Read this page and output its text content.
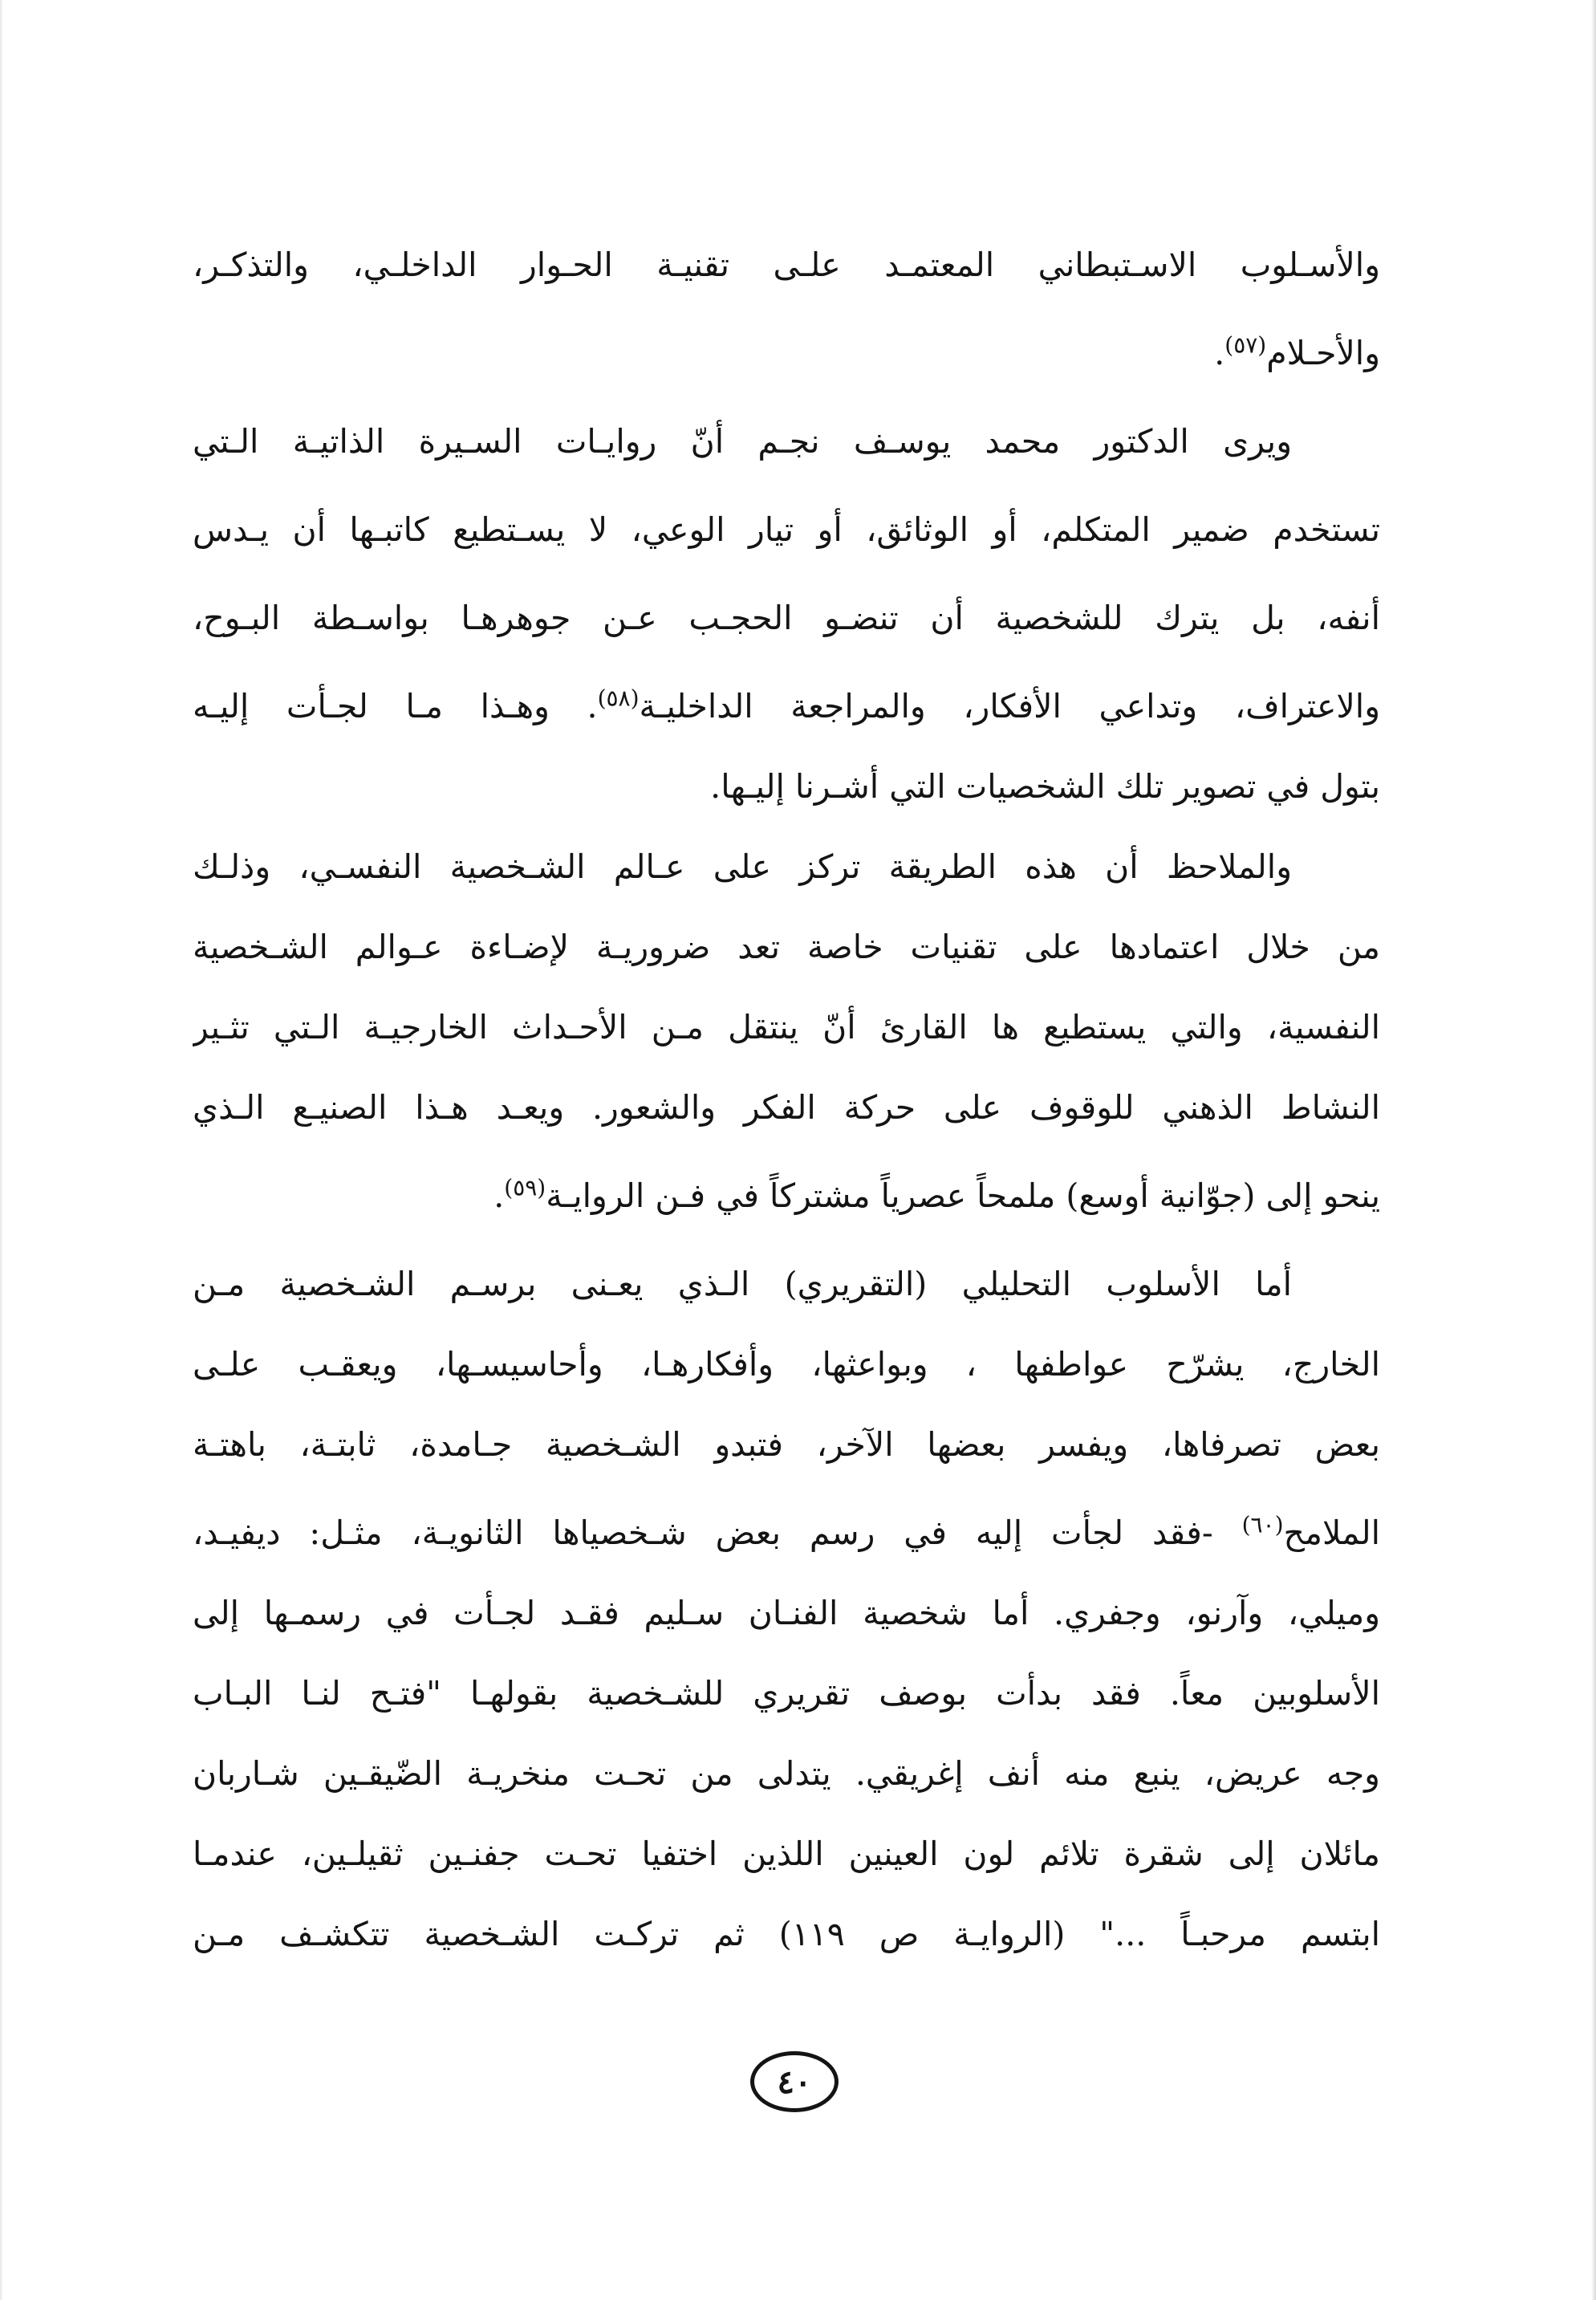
والأسـلوب الاسـتبطاني المعتمـد علـى تقنيـة الحـوار الداخلـي، والتذكـر،
والأحـلام$^{(٥٧)}$.
ويرى الدكتور محمد يوسـف نجـم أنّ روايـات السـيرة الذاتيـة الـتي
تستخدم ضمير المتكلم، أو الوثائق، أو تيار الوعي، لا يسـتطيع كاتبـها أن يـدس
أنفه، بل يترك للشخصية أن تنضـو الحجـب عـن جوهرهـا بواسـطة البـوح،
والاعتراف، وتداعي الأفكار، والمراجعة الداخليـة$^{(٥٨)}$. وهـذا مـا لجـأت إليـه
بتول في تصوير تلك الشخصيات التي أشـرنا إليـها.
والملاحظ أن هذه الطريقة تركز على عـالم الشـخصية النفسـي، وذلـك
من خلال اعتمادها على تقنيات خاصة تعد ضروريـة لإضـاءة عـوالم الشـخصية
النفسية، والتي يستطيع ها القارئ أنّ ينتقل مـن الأحـداث الخارجيـة الـتي تثـير
النشاط الذهني للوقوف على حركة الفكر والشعور. ويعـد هـذا الصنيـع الـذي
ينحو إلى (جوّانية أوسع) ملمحاً عصرياً مشتركاً في فـن الروايـة$^{(٥٩)}$.
أما الأسلوب التحليلي (التقريري) الـذي يعـنى برسـم الشـخصية مـن
الخارج، يشرّح عواطفها ، وبواعثها، وأفكارهـا، وأحاسيسـها، ويعقـب علـى
بعض تصرفاها، ويفسر بعضها الآخر، فتبدو الشـخصية جـامدة، ثابتـة، باهتـة
الملامح$^{(٦٠)}$ -فقد لجأت إليه في رسم بعض شـخصياها الثانويـة، مثـل: ديفيـد،
وميلي، وآرنو، وجفري. أما شخصية الفنـان سـليم فقـد لجـأت في رسمـها إلى
الأسلوبين معاً. فقد بدأت بوصف تقريري للشـخصية بقولهـا "فتـح لنـا البـاب
وجه عريض، ينبع منه أنف إغريقي. يتدلى من تحـت منخريـة الضّيقـين شـاربان
مائلان إلى شقرة تلائم لون العينين اللذين اختفيا تحـت جفنـين ثقيلـين، عندمـا
ابتسم مرحبـاً ..." (الروايـة ص ١١٩) ثم تركـت الشـخصية تتكشـف مـن
٤٠
